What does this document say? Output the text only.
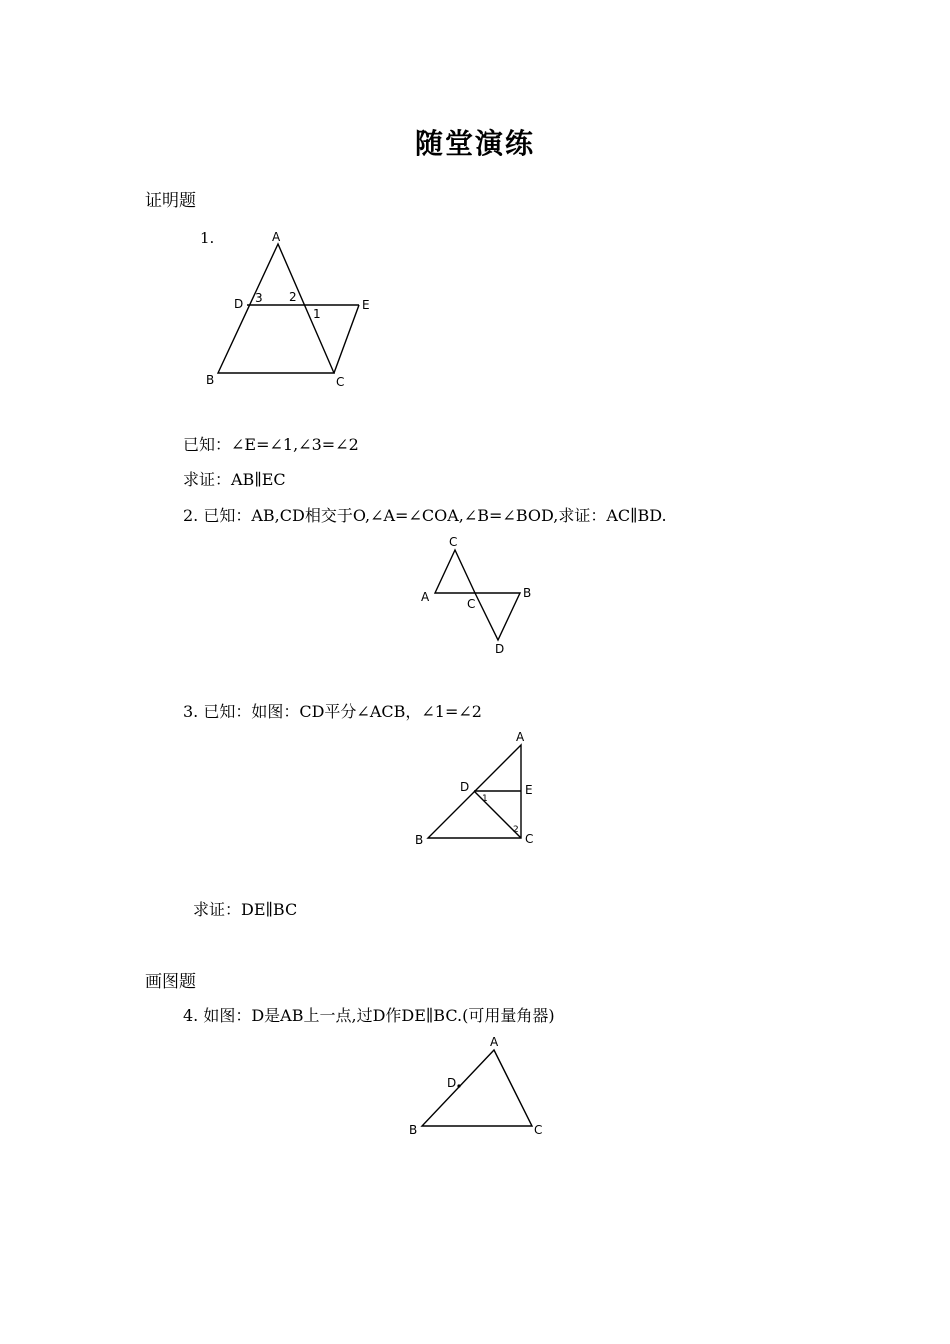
随堂演练
证明题
1.	A
D 3 2
1
E
B	C
已知：∠E=∠1,∠3=∠2
求证：AB∥EC
2. 已知：AB,CD相交于O,∠A=∠COA,∠B=∠BOD,求证：AC∥BD.
C
A	C
B
D
3. 已知：如图：CD平分∠ACB，∠1=∠2
A
D	E
B	C
1
2
求证：DE∥BC
画图题
4. 如图：D是AB上一点,过D作DE∥BC.(可用量角器)
A
D
B	C
